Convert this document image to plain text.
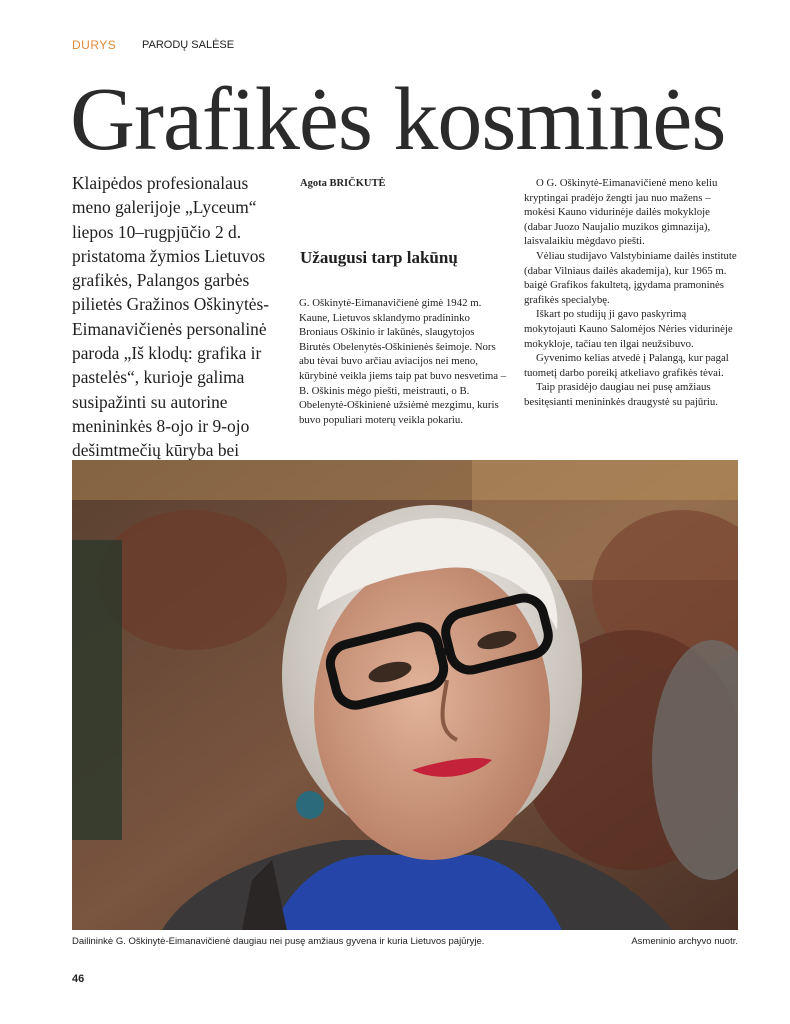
DURYS PARODŲ SALĖSE
Grafikės kosminės

Klaipėdos profesionalaus meno galerijoje „Lyceum“ liepos 10–rugpjūčio 2 d. pristatoma žymios Lietuvos grafikės, Palangos garbės pilietės Gražinos Oškinytės-Eimanavičienės personalinė paroda „Iš klodų: grafika ir pastelės“, kurioje galima susipažinti su autorine menininkės 8-ojo ir 9-ojo dešimtmečių kūryba bei

Agota BRIČKUTĖ
Užaugusi tarp lakūnų

G. Oškinytė-Eimanavičienė gimė 1942 m. Kaune, Lietuvos sklandymo pradininko Broniaus Oškinio ir lakūnės, slaugytojos Birutės Obelenytės-Oškinienės šeimoje. Nors abu tėvai buvo arčiau aviacijos nei meno, kūrybinė veikla jiems taip pat buvo nesvetima – B. Oškinis mėgo piešti, meistrauti, o B. Obelenytė-Oškinienė užsiėmė mezgimu, kuris buvo populiari moterų veikla pokariu.

O G. Oškinytė-Eimanavičienė meno keliu kryptingai pradėjo žengti jau nuo mažens – mokėsi Kauno vidurinėje dailės mokykloje (dabar Juozo Naujalio muzikos gimnazija), laisvalaikiu mėgdavo piešti.

Vėliau studijavo Valstybiniame dailės institute (dabar Vilniaus dailės akademija), kur 1965 m. baigė Grafikos fakultetą, įgydama pramoninės grafikės specialybę.

Iškart po studijų ji gavo paskyrimą mokytojauti Kauno Salomėjos Nėries vidurinėje mokykloje, tačiau ten ilgai neužsibuvo.

Gyvenimo kelias atvedė į Palangą, kur pagal tuometį darbo poreikį atkeliavo grafikės tėvai.

Taip prasidėjo daugiau nei pusę amžiaus besitęsianti menininkės draugystė su pajūriu.

Dailininkė G. Oškinytė-Eimanavičienė daugiau nei pusę amžiaus gyvena ir kuria Lietuvos pajūryje.	Asmeninio archyvo nuotr.
46
